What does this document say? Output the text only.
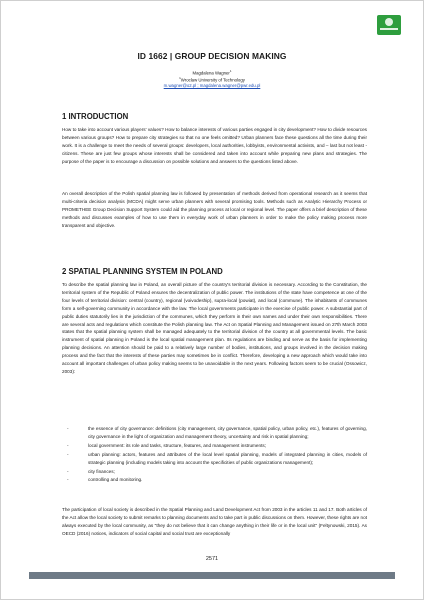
ID 1662 | GROUP DECISION MAKING
Magdalena Wagner$^1$
$^1$Wroclaw University of Technology
m.wagner@o2.pl ; magdalena.wagner@pwr.edu.pl
1 INTRODUCTION
How to take into account various players' values? How to balance interests of various parties engaged in city development? How to divide resources between various groups? How to prepare city strategies so that no one feels omitted? Urban planners face these questions all the time during their work. It is a challenge to meet the needs of several groups: developers, local authorities, lobbyists, environmental activists, and – last but not least - citizens. These are just few groups whose interests shall be considered and taken into account while preparing new plans and strategies. The purpose of the paper is to encourage a discussion on possible solutions and answers to the questions listed above.
An overall description of the Polish spatial planning law is followed by presentation of methods derived from operational research as it seems that multi-criteria decision analysis (MCDA) might serve urban planners with several promising tools. Methods such as Analytic Hierarchy Process or PROMETHEE Group Decision Support System could aid the planning process at local or regional level. The paper offers a brief description of these methods and discusses examples of how to use them in everyday work of urban planners in order to make the policy making process more transparent and objective.
2 SPATIAL PLANNING SYSTEM IN POLAND
To describe the spatial planning law in Poland, an overall picture of the country's territorial division is necessary. According to the Constitution, the territorial system of the Republic of Poland ensures the decentralization of public power. The institutions of the state have competence at one of the four levels of territorial division: central (country), regional (voivodeship), supra-local (powiat), and local (commune). The inhabitants of communes form a self-governing community in accordance with the law. The local governments participate in the exercise of public power. A substantial part of public duties statutorily lies in the jurisdiction of the communes, which they perform in their own names and under their own responsibilities. There are several acts and regulations which constitute the Polish planning law. The Act on Spatial Planning and Management issued on 27th March 2003 states that the spatial planning system shall be managed adequately to the territorial division of the country at all governmental levels. The basic instrument of spatial planning in Poland is the local spatial management plan. Its regulations are binding and serve as the basis for implementing planning decisions. An attention should be paid to a relatively large number of bodies, institutions, and groups involved in the decision making process and the fact that the interests of these parties may sometimes be in conflict. Therefore, developing a new approach which would take into account all important challenges of urban policy making seems to be unavoidable in the next years. Following factors seem to be crucial (Ossowicz, 2003):
-	the essence of city governance: definitions (city management, city governance, spatial policy, urban policy, etc.), features of governing, city governance in the light of organization and management theory, uncertainty and risk in spatial planning;
-	local government: its role and tasks, structure, features, and management instruments;
-	urban planning: actors, features and attributes of the local level spatial planning, models of integrated planning in cities, models of strategic planning (including models taking into account the specificities of public organizations management);
-	city finances;
-	controlling and monitoring.
The participation of local society is described in the Spatial Planning and Land Development Act from 2003 in the articles 11 and 17. Both articles of the Act allow the local society to submit remarks to planning documents and to take part in public discussions on them. However, these rights are not always executed by the local community, as "they do not believe that it can change anything in their life or in the local unit" (Feltynowski, 2015). As OECD (2016) notices, indicators of social capital and social trust are exceptionally
2571
